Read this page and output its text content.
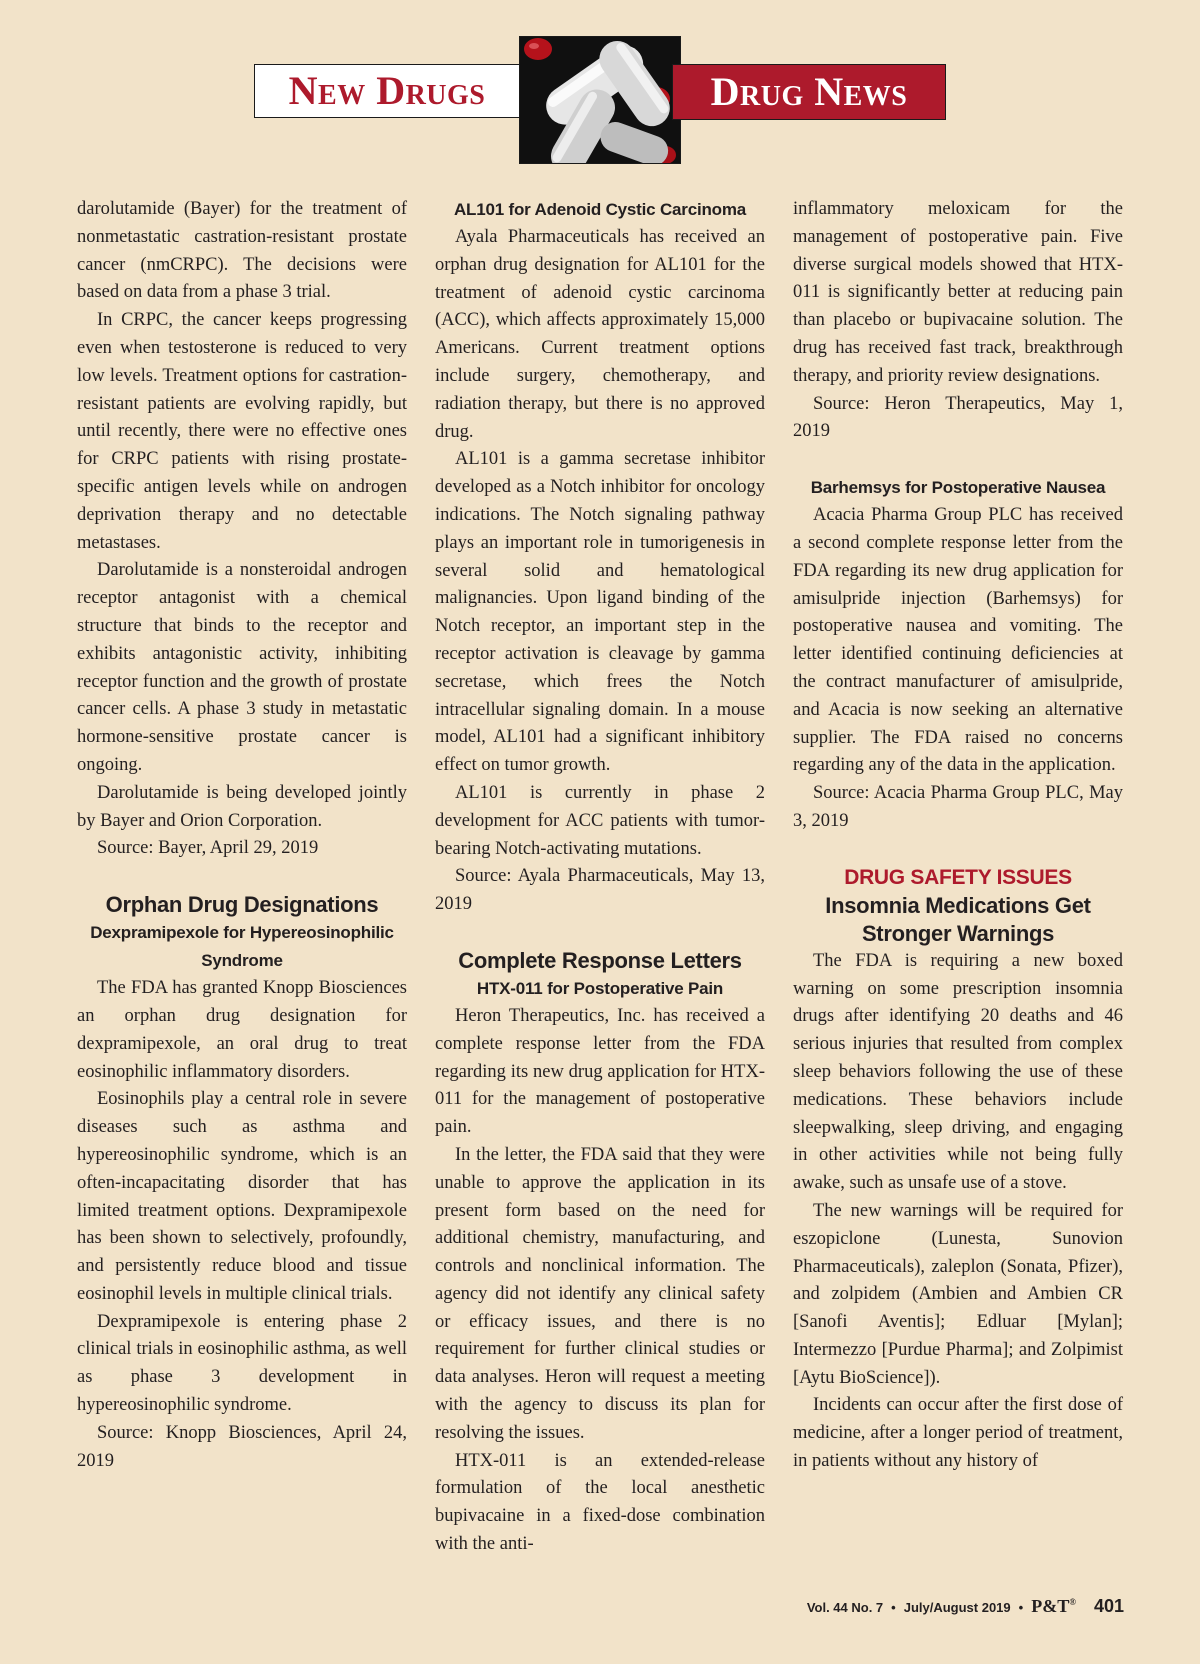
New Drugs	Drug News

darolutamide (Bayer) for the treatment of nonmetastatic castration-resistant prostate cancer (nmCRPC). The decisions were based on data from a phase 3 trial.

In CRPC, the cancer keeps progressing even when testosterone is reduced to very low levels. Treatment options for castration-resistant patients are evolving rapidly, but until recently, there were no effective ones for CRPC patients with rising prostate-specific antigen levels while on androgen deprivation therapy and no detectable metastases.

Darolutamide is a nonsteroidal androgen receptor antagonist with a chemical structure that binds to the receptor and exhibits antagonistic activity, inhibiting receptor function and the growth of prostate cancer cells. A phase 3 study in metastatic hormone-sensitive prostate cancer is ongoing.

Darolutamide is being developed jointly by Bayer and Orion Corporation.

Source: Bayer, April 29, 2019

Orphan Drug Designations
Dexpramipexole for Hypereosinophilic Syndrome

The FDA has granted Knopp Biosciences an orphan drug designation for dexpramipexole, an oral drug to treat eosinophilic inflammatory disorders.

Eosinophils play a central role in severe diseases such as asthma and hypereosinophilic syndrome, which is an often-incapacitating disorder that has limited treatment options. Dexpramipexole has been shown to selectively, profoundly, and persistently reduce blood and tissue eosinophil levels in multiple clinical trials.

Dexpramipexole is entering phase 2 clinical trials in eosinophilic asthma, as well as phase 3 development in hypereosinophilic syndrome.

Source: Knopp Biosciences, April 24, 2019

AL101 for Adenoid Cystic Carcinoma

Ayala Pharmaceuticals has received an orphan drug designation for AL101 for the treatment of adenoid cystic carcinoma (ACC), which affects approximately 15,000 Americans. Current treatment options include surgery, chemotherapy, and radiation therapy, but there is no approved drug.

AL101 is a gamma secretase inhibitor developed as a Notch inhibitor for oncology indications. The Notch signaling pathway plays an important role in tumorigenesis in several solid and hematological malignancies. Upon ligand binding of the Notch receptor, an important step in the receptor activation is cleavage by gamma secretase, which frees the Notch intracellular signaling domain. In a mouse model, AL101 had a significant inhibitory effect on tumor growth.

AL101 is currently in phase 2 development for ACC patients with tumor-bearing Notch-activating mutations.

Source: Ayala Pharmaceuticals, May 13, 2019

Complete Response Letters
HTX-011 for Postoperative Pain

Heron Therapeutics, Inc. has received a complete response letter from the FDA regarding its new drug application for HTX-011 for the management of postoperative pain.

In the letter, the FDA said that they were unable to approve the application in its present form based on the need for additional chemistry, manufacturing, and controls and nonclinical information. The agency did not identify any clinical safety or efficacy issues, and there is no requirement for further clinical studies or data analyses. Heron will request a meeting with the agency to discuss its plan for resolving the issues.

HTX-011 is an extended-release formulation of the local anesthetic bupivacaine in a fixed-dose combination with the anti-

inflammatory meloxicam for the management of postoperative pain. Five diverse surgical models showed that HTX-011 is significantly better at reducing pain than placebo or bupivacaine solution. The drug has received fast track, breakthrough therapy, and priority review designations.

Source: Heron Therapeutics, May 1, 2019

Barhemsys for Postoperative Nausea

Acacia Pharma Group PLC has received a second complete response letter from the FDA regarding its new drug application for amisulpride injection (Barhemsys) for postoperative nausea and vomiting. The letter identified continuing deficiencies at the contract manufacturer of amisulpride, and Acacia is now seeking an alternative supplier. The FDA raised no concerns regarding any of the data in the application.

Source: Acacia Pharma Group PLC, May 3, 2019

DRUG SAFETY ISSUES
Insomnia Medications Get Stronger Warnings

The FDA is requiring a new boxed warning on some prescription insomnia drugs after identifying 20 deaths and 46 serious injuries that resulted from complex sleep behaviors following the use of these medications. These behaviors include sleepwalking, sleep driving, and engaging in other activities while not being fully awake, such as unsafe use of a stove.

The new warnings will be required for eszopiclone (Lunesta, Sunovion Pharmaceuticals), zaleplon (Sonata, Pfizer), and zolpidem (Ambien and Ambien CR [Sanofi Aventis]; Edluar [Mylan]; Intermezzo [Purdue Pharma]; and Zolpimist [Aytu BioScience]).

Incidents can occur after the first dose of medicine, after a longer period of treatment, in patients without any history of

Vol. 44 No. 7 • July/August 2019 • P&T® 401
